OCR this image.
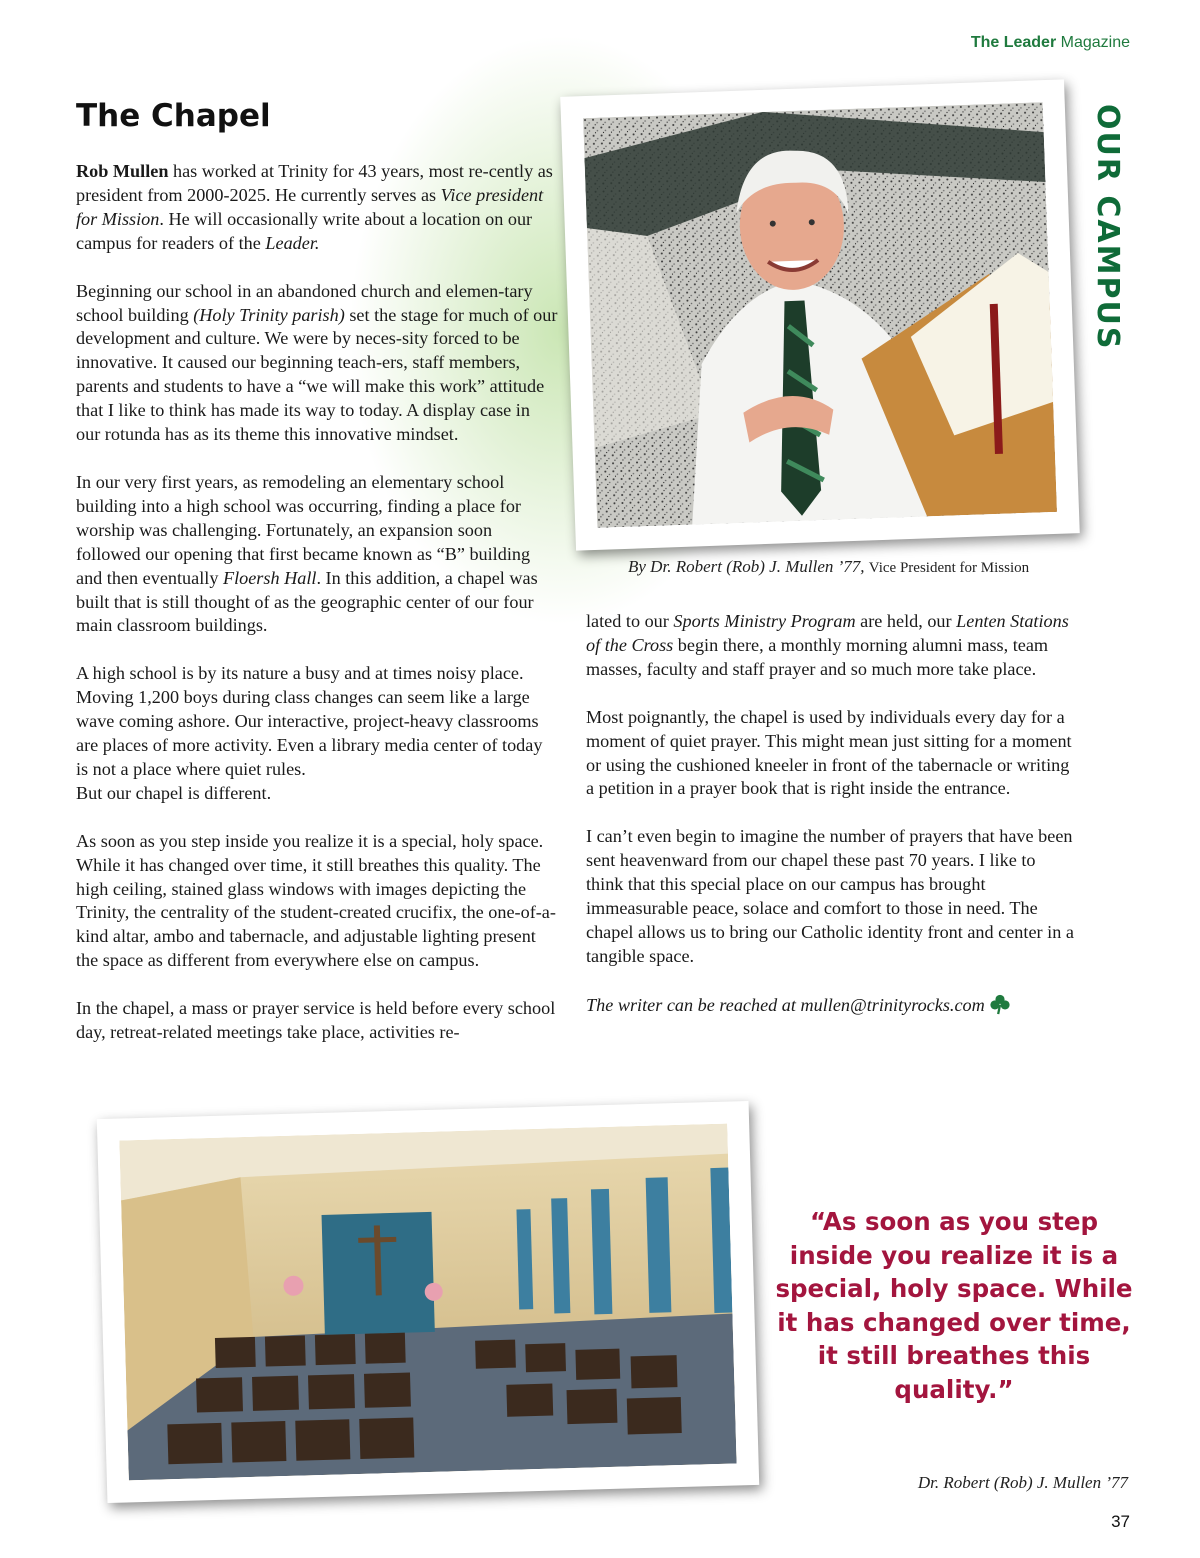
The Leader Magazine
OUR CAMPUS
The Chapel

Rob Mullen has worked at Trinity for 43 years, most re-cently as president from 2000-2025. He currently serves as Vice president for Mission. He will occasionally write about a location on our campus for readers of the Leader.

Beginning our school in an abandoned church and elemen-tary school building (Holy Trinity parish) set the stage for much of our development and culture. We were by neces-sity forced to be innovative. It caused our beginning teach-ers, staff members, parents and students to have a “we will make this work” attitude that I like to think has made its way to today. A display case in our rotunda has as its theme this innovative mindset.

In our very first years, as remodeling an elementary school building into a high school was occurring, finding a place for worship was challenging. Fortunately, an expansion soon followed our opening that first became known as “B” building and then eventually Floersh Hall. In this addition, a chapel was built that is still thought of as the geographic center of our four main classroom buildings.

A high school is by its nature a busy and at times noisy place. Moving 1,200 boys during class changes can seem like a large wave coming ashore. Our interactive, project-heavy classrooms are places of more activity. Even a library media center of today is not a place where quiet rules.
But our chapel is different.

As soon as you step inside you realize it is a special, holy space. While it has changed over time, it still breathes this quality. The high ceiling, stained glass windows with images depicting the Trinity, the centrality of the student-created crucifix, the one-of-a-kind altar, ambo and tabernacle, and adjustable lighting present the space as different from everywhere else on campus.

In the chapel, a mass or prayer service is held before every school day, retreat-related meetings take place, activities re-

By Dr. Robert (Rob) J. Mullen ’77, Vice President for Mission

lated to our Sports Ministry Program are held, our Lenten Stations of the Cross begin there, a monthly morning alumni mass, team masses, faculty and staff prayer and so much more take place.

Most poignantly, the chapel is used by individuals every day for a moment of quiet prayer. This might mean just sitting for a moment or using the cushioned kneeler in front of the tabernacle or writing a petition in a prayer book that is right inside the entrance.

I can’t even begin to imagine the number of prayers that have been sent heavenward from our chapel these past 70 years. I like to think that this special place on our campus has brought immeasurable peace, solace and comfort to those in need. The chapel allows us to bring our Catholic identity front and center in a tangible space.

The writer can be reached at mullen@trinityrocks.com

“As soon as you step inside you realize it is a special, holy space. While it has changed over time, it still breathes this quality.”
Dr. Robert (Rob) J. Mullen ’77
37
